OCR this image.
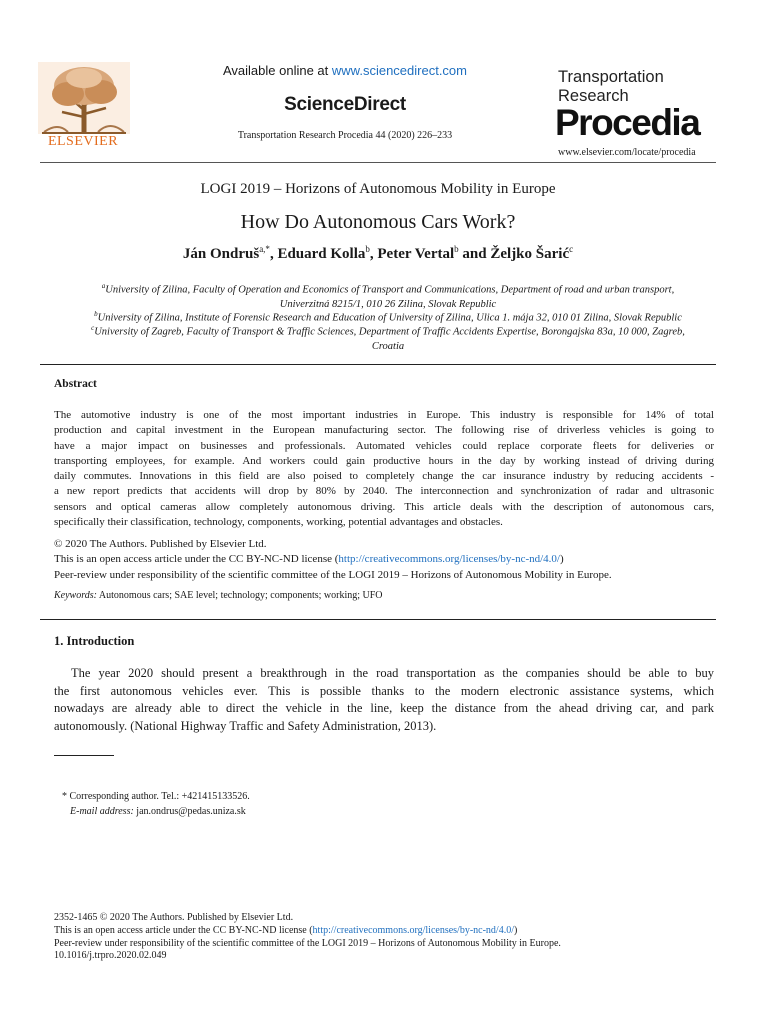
ELSEVIER
Available online at www.sciencedirect.com
ScienceDirect
Transportation Research Procedia 44 (2020) 226–233
Transportation
Research
Procedia
www.elsevier.com/locate/procedia
LOGI 2019 – Horizons of Autonomous Mobility in Europe
How Do Autonomous Cars Work?
Ján Ondruš$^{a,*}$, Eduard Kolla$^b$, Peter Vertal$^b$ and Željko Šarić$^c$
$^a$University of Zilina, Faculty of Operation and Economics of Transport and Communications, Department of road and urban transport,
Univerzitná 8215/1, 010 26 Zilina, Slovak Republic
$^b$University of Zilina, Institute of Forensic Research and Education of University of Zilina, Ulica 1. mája 32, 010 01 Zilina, Slovak Republic
$^c$University of Zagreb, Faculty of Transport & Traffic Sciences, Department of Traffic Accidents Expertise, Borongajska 83a, 10 000, Zagreb,
Croatia
Abstract
The automotive industry is one of the most important industries in Europe. This industry is responsible for 14% of total
production and capital investment in the European manufacturing sector. The following rise of driverless vehicles is going to
have a major impact on businesses and professionals. Automated vehicles could replace corporate fleets for deliveries or
transporting employees, for example. And workers could gain productive hours in the day by working instead of driving during
daily commutes. Innovations in this field are also poised to completely change the car insurance industry by reducing accidents -
a new report predicts that accidents will drop by 80% by 2040. The interconnection and synchronization of radar and ultrasonic
sensors and optical cameras allow completely autonomous driving. This article deals with the description of autonomous cars,
specifically their classification, technology, components, working, potential advantages and obstacles.
© 2020 The Authors. Published by Elsevier Ltd.
This is an open access article under the CC BY-NC-ND license (http://creativecommons.org/licenses/by-nc-nd/4.0/)
Peer-review under responsibility of the scientific committee of the LOGI 2019 – Horizons of Autonomous Mobility in Europe.
Keywords: Autonomous cars; SAE level; technology; components; working; UFO
1. Introduction
The year 2020 should present a breakthrough in the road transportation as the companies should be able to buy
the first autonomous vehicles ever. This is possible thanks to the modern electronic assistance systems, which
nowadays are already able to direct the vehicle in the line, keep the distance from the ahead driving car, and park
autonomously. (National Highway Traffic and Safety Administration, 2013).
* Corresponding author. Tel.: +421415133526.
E-mail address: jan.ondrus@pedas.uniza.sk
2352-1465 © 2020 The Authors. Published by Elsevier Ltd.
This is an open access article under the CC BY-NC-ND license (http://creativecommons.org/licenses/by-nc-nd/4.0/)
Peer-review under responsibility of the scientific committee of the LOGI 2019 – Horizons of Autonomous Mobility in Europe.
10.1016/j.trpro.2020.02.049
